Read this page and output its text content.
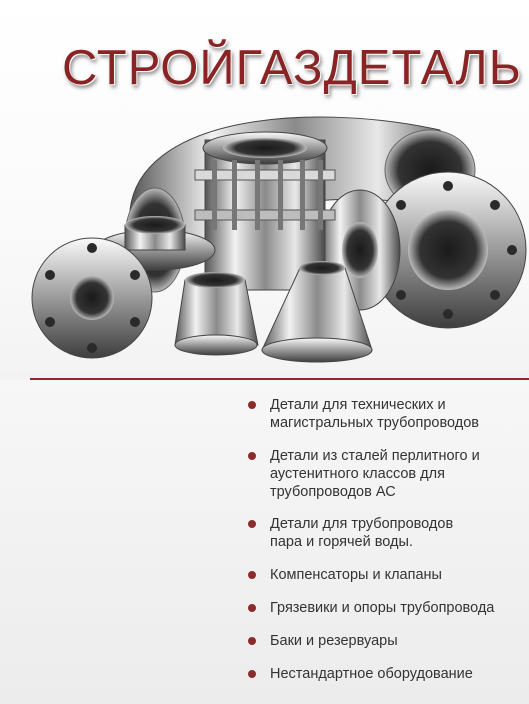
СТРОЙГАЗДЕТАЛЬ
Детали для технических и
магистральных трубопроводов
Детали из сталей перлитного и
аустенитного классов для
трубопроводов АС
Детали для трубопроводов
пара и горячей воды.
Компенсаторы и клапаны
Грязевики и опоры трубопровода
Баки и резервуары
Нестандартное оборудование
